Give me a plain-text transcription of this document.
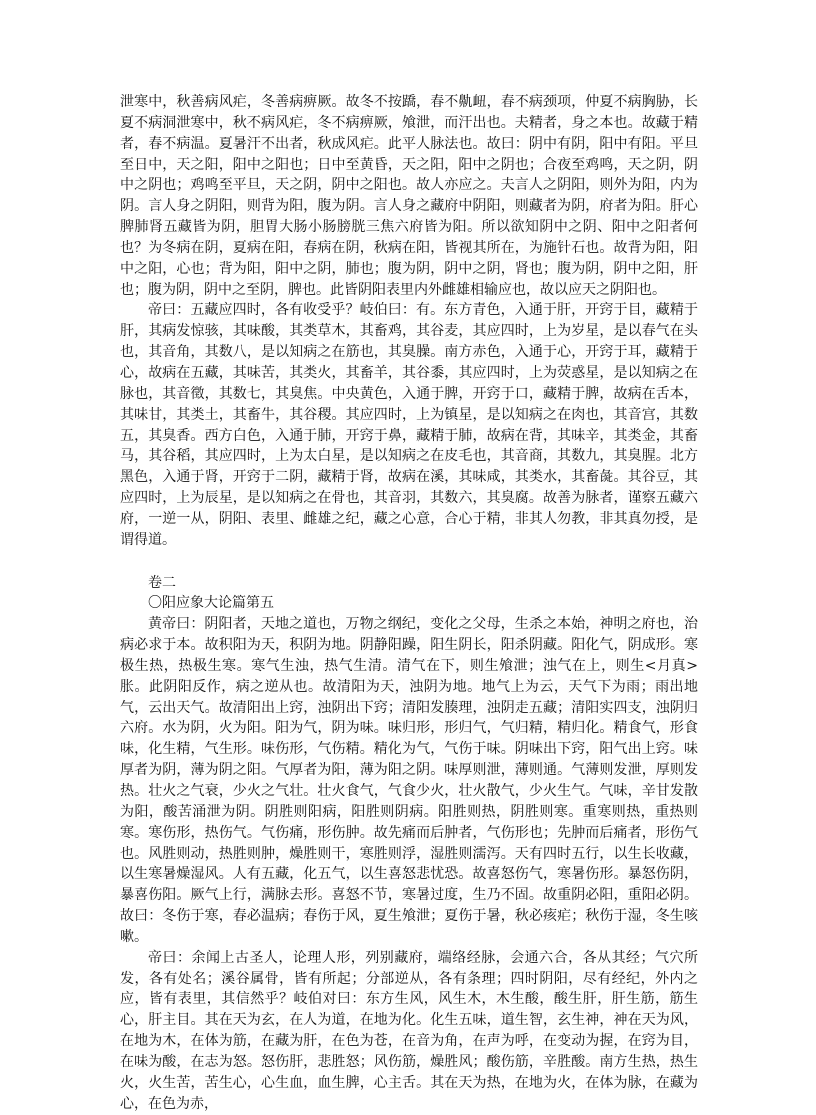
泄寒中，秋善病风疟，冬善病痹厥。故冬不按蹻，春不鼽衄，春不病颈项，仲夏不病胸胁，长夏不病洞泄寒中，秋不病风疟，冬不病痹厥，飧泄，而汗出也。夫精者，身之本也。故藏于精者，春不病温。夏暑汗不出者，秋成风疟。此平人脉法也。故曰：阴中有阴，阳中有阳。平旦至日中，天之阳，阳中之阳也；日中至黄昏，天之阳，阳中之阴也；合夜至鸡鸣，天之阴，阴中之阴也；鸡鸣至平旦，天之阴，阴中之阳也。故人亦应之。夫言人之阴阳，则外为阳，内为阴。言人身之阴阳，则背为阳，腹为阴。言人身之藏府中阴阳，则藏者为阴，府者为阳。肝心脾肺肾五藏皆为阴，胆胃大肠小肠膀胱三焦六府皆为阳。所以欲知阴中之阴、阳中之阳者何也？为冬病在阴，夏病在阳，春病在阴，秋病在阳，皆视其所在，为施针石也。故背为阳，阳中之阳，心也；背为阳，阳中之阴，肺也；腹为阴，阴中之阴，肾也；腹为阴，阴中之阳，肝也；腹为阴，阴中之至阴，脾也。此皆阴阳表里内外雌雄相输应也，故以应天之阴阳也。

帝曰：五藏应四时，各有收受乎？岐伯曰：有。东方青色，入通于肝，开窍于目，藏精于肝，其病发惊骇，其味酸，其类草木，其畜鸡，其谷麦，其应四时，上为岁星，是以春气在头也，其音角，其数八，是以知病之在筋也，其臭臊。南方赤色，入通于心，开窍于耳，藏精于心，故病在五藏，其味苦，其类火，其畜羊，其谷黍，其应四时，上为荧惑星，是以知病之在脉也，其音徵，其数七，其臭焦。中央黄色，入通于脾，开窍于口，藏精于脾，故病在舌本，其味甘，其类土，其畜牛，其谷稷。其应四时，上为镇星，是以知病之在肉也，其音宫，其数五，其臭香。西方白色，入通于肺，开窍于鼻，藏精于肺，故病在背，其味辛，其类金，其畜马，其谷稻，其应四时，上为太白星，是以知病之在皮毛也，其音商，其数九，其臭腥。北方黑色，入通于肾，开窍于二阴，藏精于肾，故病在溪，其味咸，其类水，其畜彘。其谷豆，其应四时，上为辰星，是以知病之在骨也，其音羽，其数六，其臭腐。故善为脉者，谨察五藏六府，一逆一从，阴阳、表里、雌雄之纪，藏之心意，合心于精，非其人勿教，非其真勿授，是谓得道。

卷二

〇阳应象大论篇第五

黄帝曰：阴阳者，天地之道也，万物之纲纪，变化之父母，生杀之本始，神明之府也，治病必求于本。故积阳为天，积阴为地。阴静阳躁，阳生阴长，阳杀阴藏。阳化气，阴成形。寒极生热，热极生寒。寒气生浊，热气生清。清气在下，则生飧泄；浊气在上，则生<月真>胀。此阴阳反作，病之逆从也。故清阳为天，浊阴为地。地气上为云，天气下为雨；雨出地气，云出天气。故清阳出上窍，浊阴出下窍；清阳发腠理，浊阴走五藏；清阳实四支，浊阴归六府。水为阴，火为阳。阳为气，阴为味。味归形，形归气，气归精，精归化。精食气，形食味，化生精，气生形。味伤形，气伤精。精化为气，气伤于味。阴味出下窍，阳气出上窍。味厚者为阴，薄为阴之阳。气厚者为阳，薄为阳之阴。味厚则泄，薄则通。气薄则发泄，厚则发热。壮火之气衰，少火之气壮。壮火食气，气食少火，壮火散气，少火生气。气味，辛甘发散为阳，酸苦涌泄为阴。阴胜则阳病，阳胜则阴病。阳胜则热，阴胜则寒。重寒则热，重热则寒。寒伤形，热伤气。气伤痛，形伤肿。故先痛而后肿者，气伤形也；先肿而后痛者，形伤气也。风胜则动，热胜则肿，燥胜则干，寒胜则浮，湿胜则濡泻。天有四时五行，以生长收藏，以生寒暑燥湿风。人有五藏，化五气，以生喜怒悲忧恐。故喜怒伤气，寒暑伤形。暴怒伤阴，暴喜伤阳。厥气上行，满脉去形。喜怒不节，寒暑过度，生乃不固。故重阴必阳，重阳必阴。故曰：冬伤于寒，春必温病；春伤于风，夏生飧泄；夏伤于暑，秋必痎疟；秋伤于湿，冬生咳嗽。

帝曰：余闻上古圣人，论理人形，列别藏府，端络经脉，会通六合，各从其经；气穴所发，各有处名；溪谷属骨，皆有所起；分部逆从，各有条理；四时阴阳，尽有经纪，外内之应，皆有表里，其信然乎？岐伯对曰：东方生风，风生木，木生酸，酸生肝，肝生筋，筋生心，肝主目。其在天为玄，在人为道，在地为化。化生五味，道生智，玄生神，神在天为风，在地为木，在体为筋，在藏为肝，在色为苍，在音为角，在声为呼，在变动为握，在窍为目，在味为酸，在志为怒。怒伤肝，悲胜怒；风伤筋，燥胜风；酸伤筋，辛胜酸。南方生热，热生火，火生苦，苦生心，心生血，血生脾，心主舌。其在天为热，在地为火，在体为脉，在藏为心，在色为赤，
